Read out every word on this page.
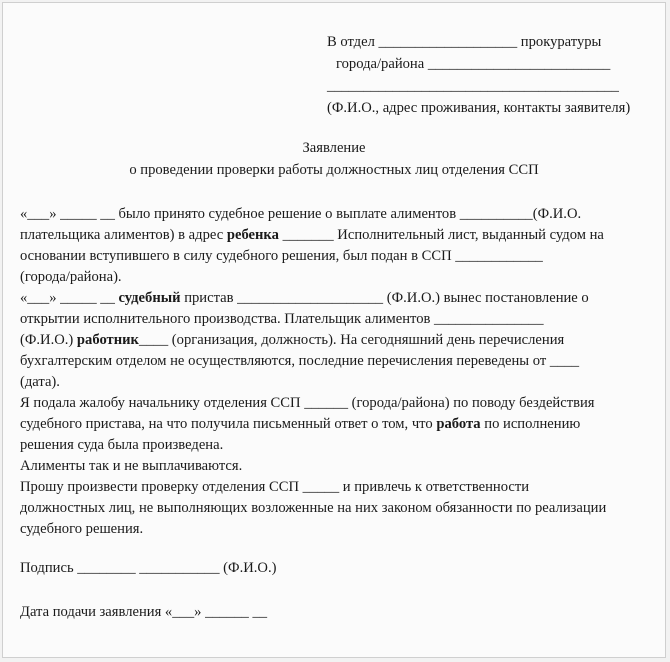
В отдел ___________________ прокуратуры
города/района _________________________
________________________________________
(Ф.И.О., адрес проживания, контакты заявителя)
Заявление
о проведении проверки работы должностных лиц отделения ССП
«___» _____ __ было принято судебное решение о выплате алиментов __________(Ф.И.О.
плательщика алиментов) в адрес ребенка _______ Исполнительный лист, выданный судом на
основании вступившего в силу судебного решения, был подан в ССП ____________
(города/района).
«___» _____ __ судебный пристав ____________________ (Ф.И.О.) вынес постановление о
открытии исполнительного производства. Плательщик алиментов _______________
(Ф.И.О.) работник____ (организация, должность). На сегодняшний день перечисления
бухгалтерским отделом не осуществляются, последние перечисления переведены от ____
(дата).
Я подала жалобу начальнику отделения ССП ______ (города/района) по поводу бездействия
судебного пристава, на что получила письменный ответ о том, что работа по исполнению
решения суда была произведена.
Алименты так и не выплачиваются.
Прошу произвести проверку отделения ССП _____ и привлечь к ответственности
должностных лиц, не выполняющих возложенные на них законом обязанности по реализации
судебного решения.
Подпись ________ ___________ (Ф.И.О.)
Дата подачи заявления «___» ______ __
